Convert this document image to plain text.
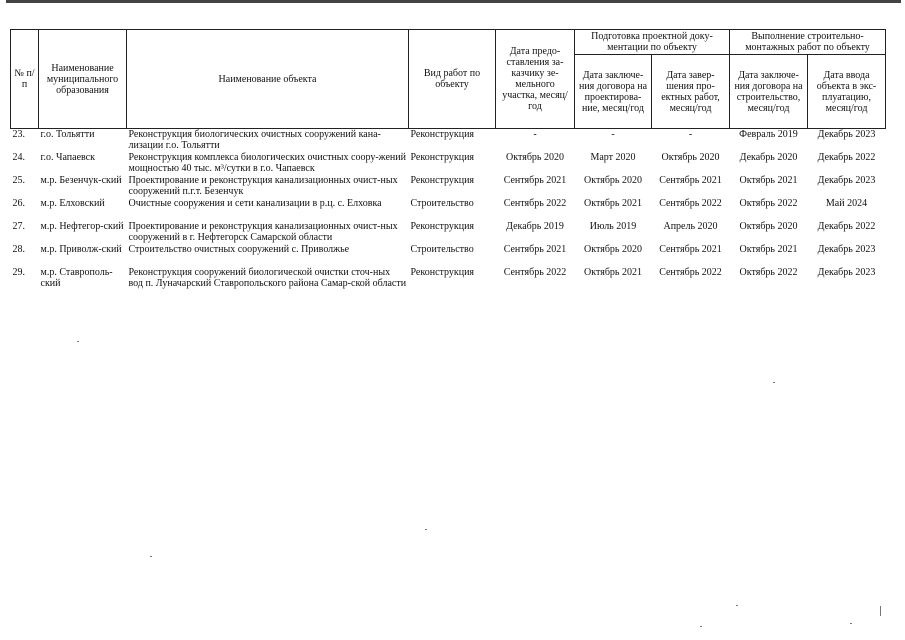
№ п/п	Наименование муниципального образования	Наименование объекта	Вид работ по объекту	Дата предо-ставления за-казчику зе-мельного участка, месяц/год	Подготовка проектной доку-ментации по объекту		Выполнение строительно-монтажных работ по объекту	
					Дата заключе-ния договора на проектирова-ние, месяц/год	Дата завер-шения про-ектных работ, месяц/год	Дата заключе-ния договора на строительство, месяц/год	Дата ввода объекта в экс-плуатацию, месяц/год
23.	г.о. Тольятти	Реконструкция биологических очистных сооружений кана-лизации г.о. Тольятти	Реконструкция	-	-	-	Февраль 2019	Декабрь 2023
24.	г.о. Чапаевск	Реконструкция комплекса биологических очистных соору-жений мощностью 40 тыс. м³/сутки в г.о. Чапаевск	Реконструкция	Октябрь 2020	Март 2020	Октябрь 2020	Декабрь 2020	Декабрь 2022
25.	м.р. Безенчук-ский	Проектирование и реконструкция канализационных очист-ных сооружений п.г.т. Безенчук	Реконструкция	Сентябрь 2021	Октябрь 2020	Сентябрь 2021	Октябрь 2021	Декабрь 2023
26.	м.р. Елховский	Очистные сооружения и сети канализации в р.ц. с. Елховка	Строительство	Сентябрь 2022	Октябрь 2021	Сентябрь 2022	Октябрь 2022	Май 2024
27.	м.р. Нефтегор-ский	Проектирование и реконструкция канализационных очист-ных сооружений в г. Нефтегорск Самарской области	Реконструкция	Декабрь 2019	Июль 2019	Апрель 2020	Октябрь 2020	Декабрь 2022
28.	м.р. Приволж-ский	Строительство очистных сооружений с. Приволжье	Строительство	Сентябрь 2021	Октябрь 2020	Сентябрь 2021	Октябрь 2021	Декабрь 2023
29.	м.р. Ставрополь-ский	Реконструкция сооружений биологической очистки сточ-ных вод п. Луначарский Ставропольского района Самар-ской области	Реконструкция	Сентябрь 2022	Октябрь 2021	Сентябрь 2022	Октябрь 2022	Декабрь 2023
